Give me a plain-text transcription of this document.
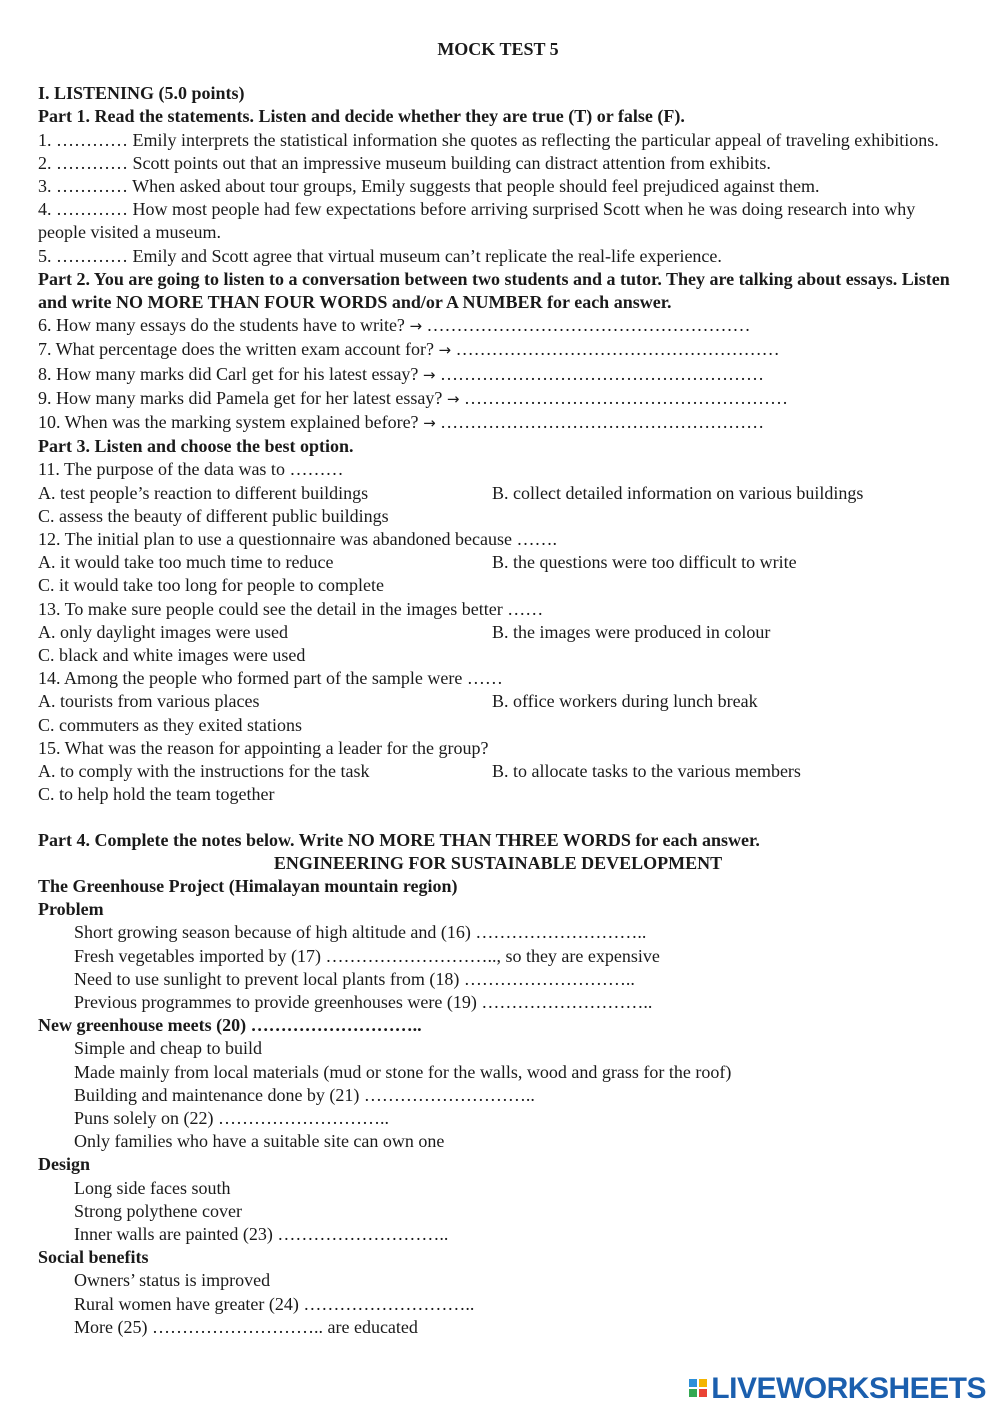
MOCK TEST 5
I. LISTENING (5.0 points)
Part 1. Read the statements. Listen and decide whether they are true (T) or false (F).
1. ………… Emily interprets the statistical information she quotes as reflecting the particular appeal of traveling exhibitions.
2. ………… Scott points out that an impressive museum building can distract attention from exhibits.
3. ………… When asked about tour groups, Emily suggests that people should feel prejudiced against them.
4. ………… How most people had few expectations before arriving surprised Scott when he was doing research into why people visited a museum.
5. ………… Emily and Scott agree that virtual museum can’t replicate the real-life experience.
Part 2. You are going to listen to a conversation between two students and a tutor. They are talking about essays. Listen and write NO MORE THAN FOUR WORDS and/or A NUMBER for each answer.
6. How many essays do the students have to write? → ………………………………………………
7. What percentage does the written exam account for? → ………………………………………………
8. How many marks did Carl get for his latest essay? → ………………………………………………
9. How many marks did Pamela get for her latest essay? → ………………………………………………
10. When was the marking system explained before? → ………………………………………………
Part 3. Listen and choose the best option.
11. The purpose of the data was to ………
A. test people’s reaction to different buildings	B. collect detailed information on various buildings
C. assess the beauty of different public buildings
12. The initial plan to use a questionnaire was abandoned because …….
A. it would take too much time to reduce	B. the questions were too difficult to write
C. it would take too long for people to complete
13. To make sure people could see the detail in the images better ……
A. only daylight images were used	B. the images were produced in colour
C. black and white images were used
14. Among the people who formed part of the sample were ……
A. tourists from various places	B. office workers during lunch break
C. commuters as they exited stations
15. What was the reason for appointing a leader for the group?
A. to comply with the instructions for the task	B. to allocate tasks to the various members
C. to help hold the team together
Part 4. Complete the notes below. Write NO MORE THAN THREE WORDS for each answer.
ENGINEERING FOR SUSTAINABLE DEVELOPMENT
The Greenhouse Project (Himalayan mountain region)
Problem
Short growing season because of high altitude and (16) ………………………..
Fresh vegetables imported by (17) ……………………….., so they are expensive
Need to use sunlight to prevent local plants from (18) ………………………..
Previous programmes to provide greenhouses were (19) ………………………..
New greenhouse meets (20) ………………………..
Simple and cheap to build
Made mainly from local materials (mud or stone for the walls, wood and grass for the roof)
Building and maintenance done by (21) ………………………..
Puns solely on (22) ………………………..
Only families who have a suitable site can own one
Design
Long side faces south
Strong polythene cover
Inner walls are painted (23) ………………………..
Social benefits
Owners’ status is improved
Rural women have greater (24) ………………………..
More (25) ……………………….. are educated
LIVEWORKSHEETS
